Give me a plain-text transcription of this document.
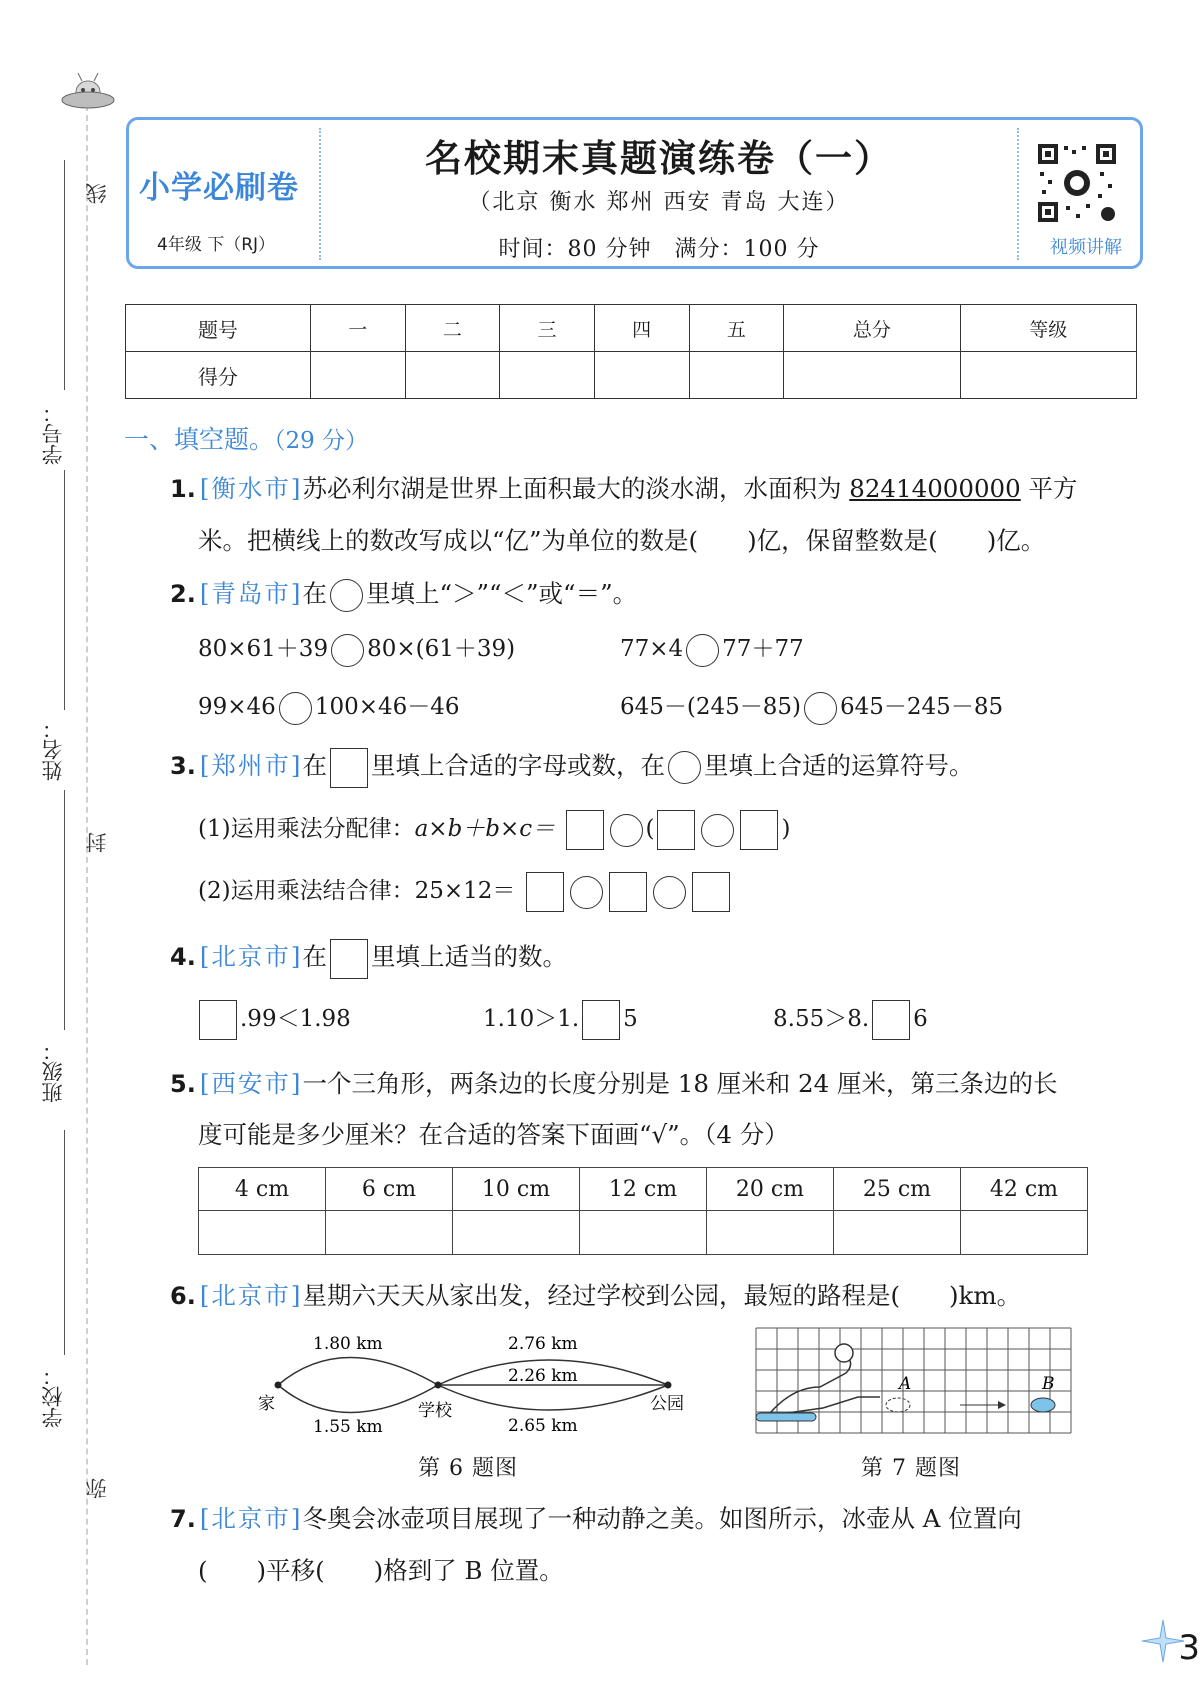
线
学号：
姓名：
封
班级：
学校：
弥
小学必刷卷
4年级 下（RJ）
名校期末真题演练卷（一）
（北京 衡水 郑州 西安 青岛 大连）
时间：80 分钟　满分：100 分	视频讲解
题号	一	二	三	四	五	总分	等级
得分							
一、填空题。（29 分）
1. [衡水市]苏必利尔湖是世界上面积最大的淡水湖，水面积为 82414000000 平方
米。把横线上的数改写成以“亿”为单位的数是(　　)亿，保留整数是(　　)亿。
2. [青岛市]在 里填上“＞”“＜”或“＝”。
80×61＋39 80×(61＋39)	77×4 77＋77
99×46 100×46－46	645－(245－85) 645－245－85
3. [郑州市]在 里填上合适的字母或数，在 里填上合适的运算符号。
(1)运用乘法分配律：a×b＋b×c＝	(	)
(2)运用乘法结合律：25×12＝
4. [北京市]在 里填上适当的数。
.99＜1.98	1.10＞1. 5	8.55＞8. 6
5. [西安市]一个三角形，两条边的长度分别是 18 厘米和 24 厘米，第三条边的长
度可能是多少厘米？在合适的答案下面画“√”。（4 分）
4 cm	6 cm	10 cm	12 cm	20 cm	25 cm	42 cm

6. [北京市]星期六天天从家出发，经过学校到公园，最短的路程是(　　)km。
家	学校	公园
1.80 km
1.55 km
2.76 km
2.26 km
2.65 km
第 6 题图
A	B
第 7 题图
7. [北京市]冬奥会冰壶项目展现了一种动静之美。如图所示，冰壶从 A 位置向
(　　)平移(　　)格到了 B 位置。
3
